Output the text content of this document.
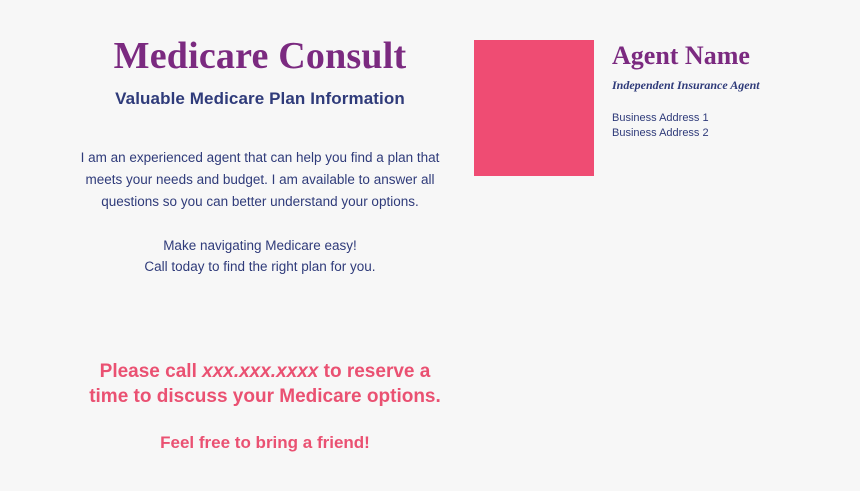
Medicare Consult
Valuable Medicare Plan Information

I am an experienced agent that can help you find a plan that
meets your needs and budget. I am available to answer all
questions so you can better understand your options.

Make navigating Medicare easy!
Call today to find the right plan for you.

Please call xxx.xxx.xxxx to reserve a
time to discuss your Medicare options.

Feel free to bring a friend!

Agent Name
Independent Insurance Agent
Business Address 1
Business Address 2
